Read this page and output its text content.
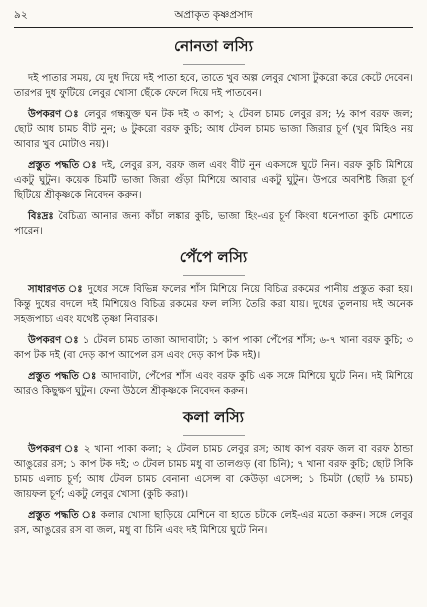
৯২	অপ্রাকৃত কৃষ্ণপ্রসাদ
নোনতা লস্যি

দই পাতার সময়, যে দুধ দিয়ে দই পাতা হবে, তাতে খুব অল্প লেবুর খোসা টুকরো করে কেটে দেবেন। তারপর দুধ ফুটিয়ে লেবুর খোসা ছেঁকে ফেলে দিয়ে দই পাতবেন।

উপকরণ ঃ লেবুর গন্ধযুক্ত ঘন টক দই ৩ কাপ; ২ টেবল চামচ লেবুর রস; ½ কাপ বরফ জল; ছোট আধ চামচ বীট নুন; ৬ টুকরো বরফ কুচি; আধ টেবল চামচ ভাজা জিরার চূর্ণ (খুব মিহিও নয় আবার খুব মোটাও নয়)।

প্রস্তুত পদ্ধতি ঃ দই, লেবুর রস, বরফ জল এবং বীট নুন একসঙ্গে ঘুটে নিন। বরফ কুচি মিশিয়ে একটু ঘুটুন। কয়েক চিমটি ভাজা জিরা গুঁড়া মিশিয়ে আবার একটু ঘুটুন। উপরে অবশিষ্ট জিরা চূর্ণ ছিটিয়ে শ্রীকৃষ্ণকে নিবেদন করুন।

বিঃদ্রঃ বৈচিত্র্য আনার জন্য কাঁচা লঙ্কার কুচি, ভাজা হিং-এর চূর্ণ কিংবা ধনেপাতা কুচি মেশাতে পারেন।

পেঁপে লস্যি

সাধারণত ঃ দুধের সঙ্গে বিভিন্ন ফলের শাঁস মিশিয়ে নিয়ে বিচিত্র রকমের পানীয় প্রস্তুত করা হয়। কিন্তু দুধের বদলে দই মিশিয়েও বিচিত্র রকমের ফল লস্যি তৈরি করা যায়। দুধের তুলনায় দই অনেক সহজপাচ্য এবং যথেষ্ট তৃষ্ণা নিবারক।

উপকরণ ঃ ১ টেবল চামচ তাজা আদাবাটা; ১ কাপ পাকা পেঁপের শাঁস; ৬-৭ খানা বরফ কুচি; ৩ কাপ টক দই (বা দেড় কাপ আপেল রস এবং দেড় কাপ টক দই)।

প্রস্তুত পদ্ধতি ঃ আদাবাটা, পেঁপের শাঁস এবং বরফ কুচি এক সঙ্গে মিশিয়ে ঘুটে নিন। দই মিশিয়ে আরও কিছুক্ষণ ঘুটুন। ফেনা উঠলে শ্রীকৃষ্ণকে নিবেদন করুন।

কলা লস্যি

উপকরণ ঃ ২ খানা পাকা কলা; ২ টেবল চামচ লেবুর রস; আধ কাপ বরফ জল বা বরফ ঠান্ডা আঙুরের রস; ১ কাপ টক দই; ৩ টেবল চামচ মধু বা তালগুড় (বা চিনি); ৭ খানা বরফ কুচি; ছোট সিকি চামচ এলাচ চূর্ণ; আধ টেবল চামচ বেনানা এসেন্স বা কেউড়া এসেন্স; ১ চিমটা (ছোট ⅛ চামচ) জায়ফল চূর্ণ; একটু লেবুর খোসা (কুচি করা)।

প্রস্তুত পদ্ধতি ঃ কলার খোসা ছাড়িয়ে মেশিনে বা হাতে চটকে লেই-এর মতো করুন। সঙ্গে লেবুর রস, আঙুরের রস বা জল, মধু বা চিনি এবং দই মিশিয়ে ঘুটে নিন।
